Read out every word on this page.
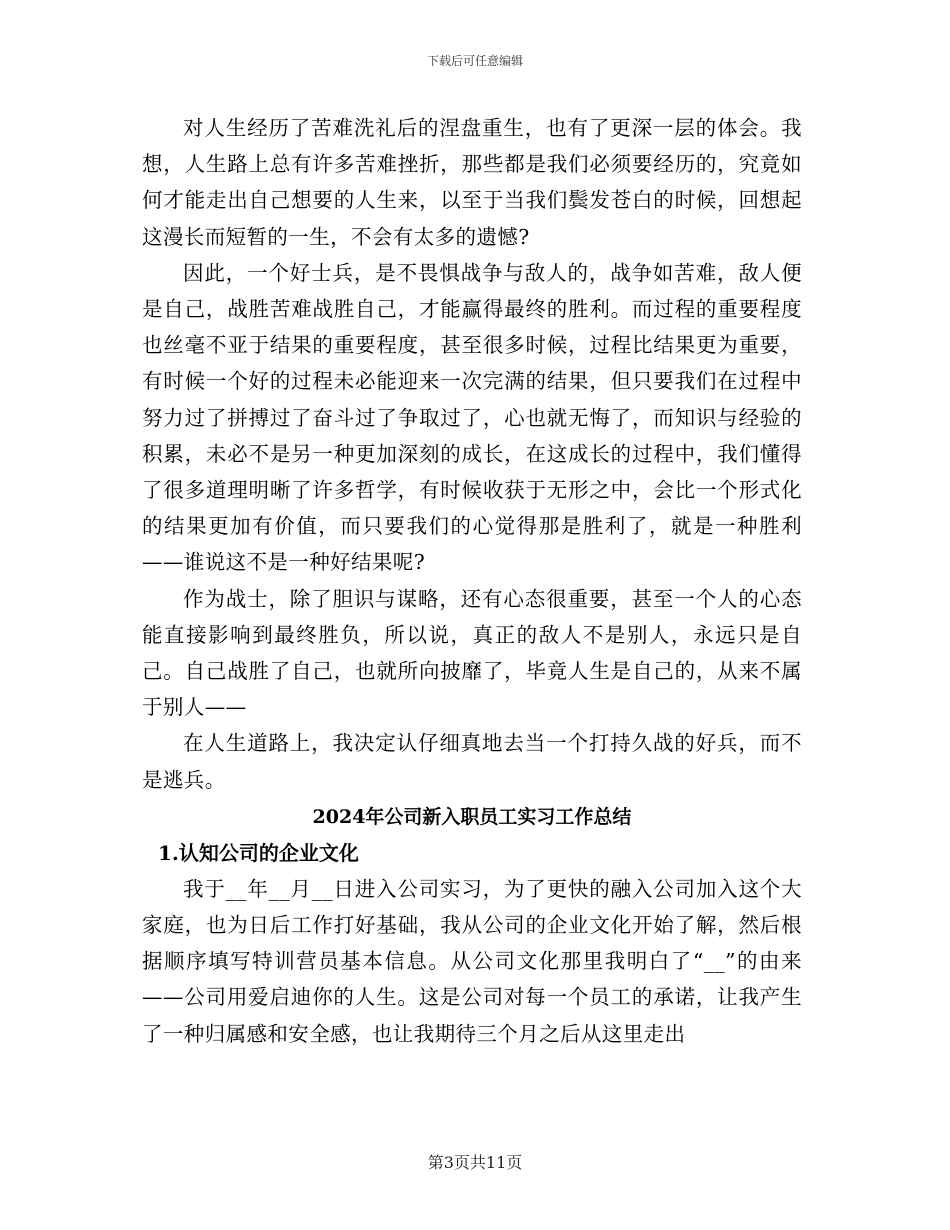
下载后可任意编辑

对人生经历了苦难洗礼后的涅盘重生，也有了更深一层的体会。我想，人生路上总有许多苦难挫折，那些都是我们必须要经历的，究竟如何才能走出自己想要的人生来，以至于当我们鬓发苍白的时候，回想起这漫长而短暂的一生，不会有太多的遗憾?

因此，一个好士兵，是不畏惧战争与敌人的，战争如苦难，敌人便是自己，战胜苦难战胜自己，才能赢得最终的胜利。而过程的重要程度也丝毫不亚于结果的重要程度，甚至很多时候，过程比结果更为重要，有时候一个好的过程未必能迎来一次完满的结果，但只要我们在过程中努力过了拼搏过了奋斗过了争取过了，心也就无悔了，而知识与经验的积累，未必不是另一种更加深刻的成长，在这成长的过程中，我们懂得了很多道理明晰了许多哲学，有时候收获于无形之中，会比一个形式化的结果更加有价值，而只要我们的心觉得那是胜利了，就是一种胜利——谁说这不是一种好结果呢?

作为战士，除了胆识与谋略，还有心态很重要，甚至一个人的心态能直接影响到最终胜负，所以说，真正的敌人不是别人，永远只是自己。自己战胜了自己，也就所向披靡了，毕竟人生是自己的，从来不属于别人——

在人生道路上，我决定认仔细真地去当一个打持久战的好兵，而不是逃兵。

2024年公司新入职员工实习工作总结
1.认知公司的企业文化

我于__年__月__日进入公司实习，为了更快的融入公司加入这个大家庭，也为日后工作打好基础，我从公司的企业文化开始了解，然后根据顺序填写特训营员基本信息。从公司文化那里我明白了“__”的由来——公司用爱启迪你的人生。这是公司对每一个员工的承诺，让我产生了一种归属感和安全感，也让我期待三个月之后从这里走出

第3页共11页
